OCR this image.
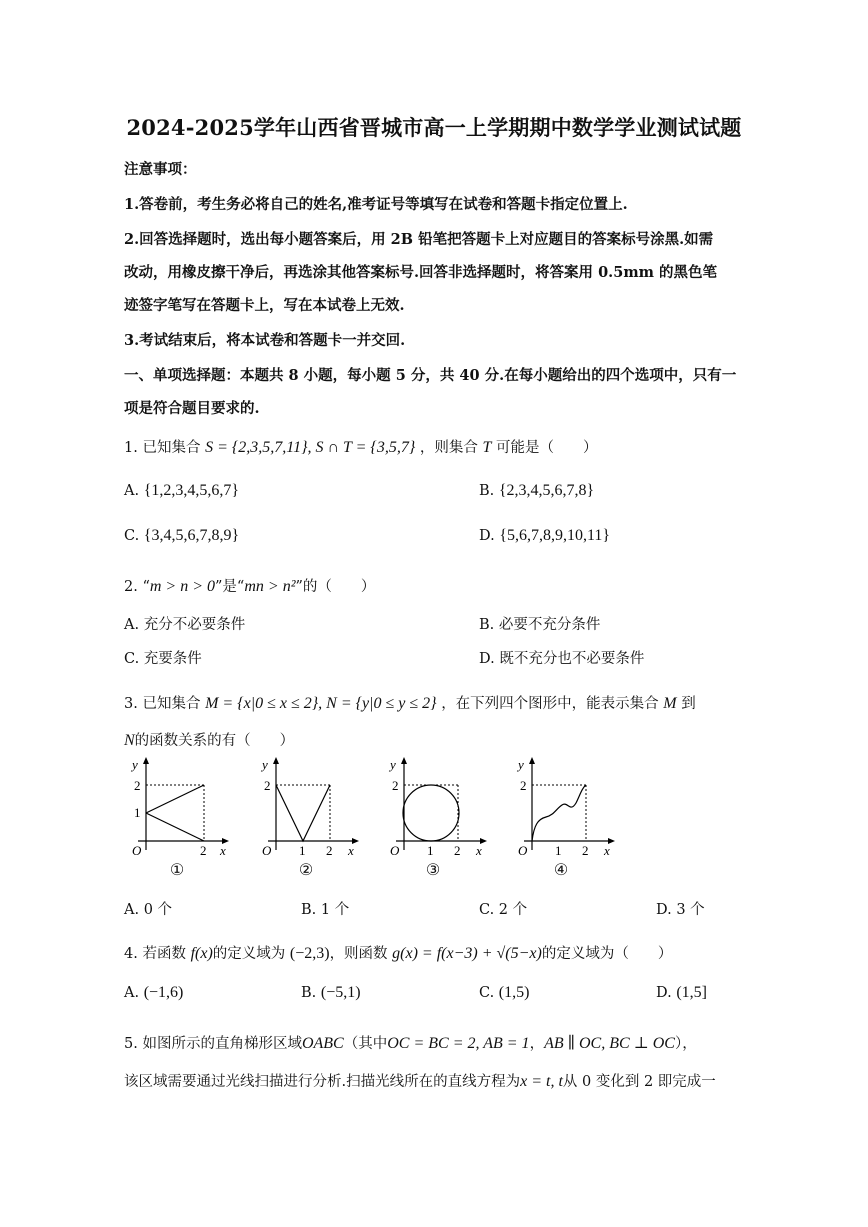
2024-2025学年山西省晋城市高一上学期期中数学学业测试试题
注意事项：
1.答卷前，考生务必将自己的姓名,准考证号等填写在试卷和答题卡指定位置上.
2.回答选择题时，选出每小题答案后，用 2B 铅笔把答题卡上对应题目的答案标号涂黑.如需
改动，用橡皮擦干净后，再选涂其他答案标号.回答非选择题时，将答案用 0.5mm 的黑色笔
迹签字笔写在答题卡上，写在本试卷上无效.
3.考试结束后，将本试卷和答题卡一并交回.
一、单项选择题：本题共 8 小题，每小题 5 分，共 40 分.在每小题给出的四个选项中，只有一
项是符合题目要求的.
1. 已知集合 S = {2,3,5,7,11}, S ∩ T = {3,5,7} ，则集合 T 可能是（　　）
A. {1,2,3,4,5,6,7}	B. {2,3,4,5,6,7,8}
C. {3,4,5,6,7,8,9}	D. {5,6,7,8,9,10,11}
2. “m > n > 0”是“mn > n²”的（　　）
A. 充分不必要条件	B. 必要不充分条件
C. 充要条件	D. 既不充分也不必要条件
3. 已知集合 M = {x|0 ≤ x ≤ 2}, N = {y|0 ≤ y ≤ 2} ，在下列四个图形中，能表示集合 M 到
N的函数关系的有（　　）
y
2
1
O	2 x
y
2
O 1 2 x
y
2
O 1 2 x
y
2
O 1 2 x
①	②	③	④
A. 0 个	B. 1 个	C. 2 个	D. 3 个
4. 若函数 f(x)的定义域为 (−2,3)，则函数 g(x) = f(x−3) + √(5−x)的定义域为（　　）
A. (−1,6)	B. (−5,1)	C. (1,5)	D. (1,5]
5. 如图所示的直角梯形区域OABC（其中OC = BC = 2, AB = 1，AB ∥ OC, BC ⊥ OC），
该区域需要通过光线扫描进行分析.扫描光线所在的直线方程为x = t, t从 0 变化到 2 即完成一
